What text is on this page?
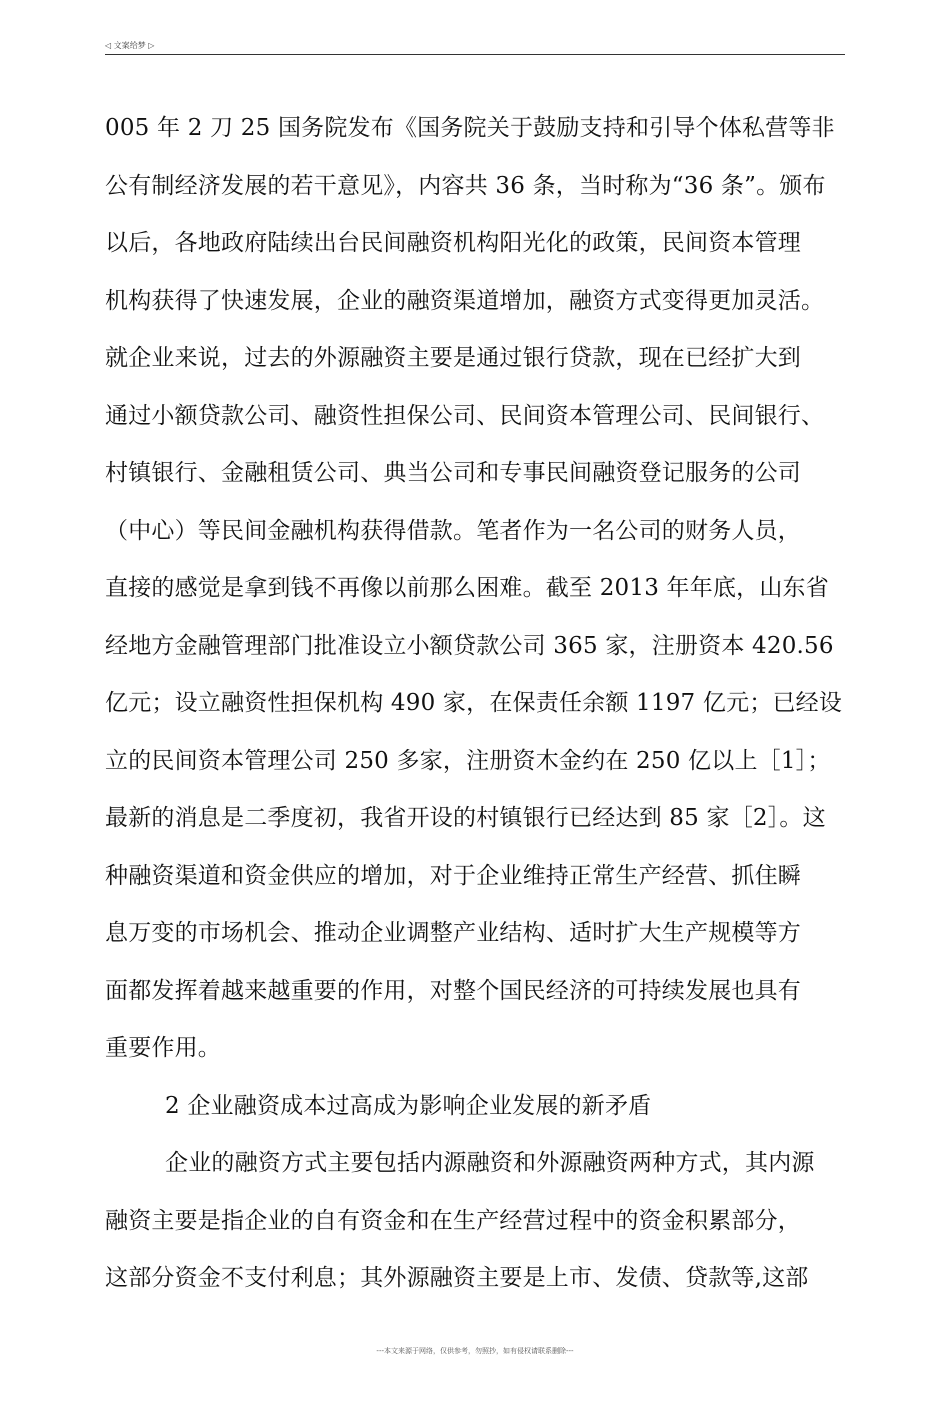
◁ 文案给梦 ▷
005 年 2 刀 25 国务院发布《国务院关于鼓励支持和引导个体私营等非
公有制经济发展的若干意见》，内容共 36 条，当时称为“36 条”。颁布
以后，各地政府陆续出台民间融资机构阳光化的政策，民间资本管理
机构获得了快速发展，企业的融资渠道增加，融资方式变得更加灵活。
就企业来说，过去的外源融资主要是通过银行贷款，现在已经扩大到
通过小额贷款公司、融资性担保公司、民间资本管理公司、民间银行、
村镇银行、金融租赁公司、典当公司和专事民间融资登记服务的公司
（中心）等民间金融机构获得借款。笔者作为一名公司的财务人员，
直接的感觉是拿到钱不再像以前那么困难。截至 2013 年年底，山东省
经地方金融管理部门批准设立小额贷款公司 365 家，注册资本 420.56
亿元；设立融资性担保机构 490 家，在保责任余额 1197 亿元；已经设
立的民间资本管理公司 250 多家，注册资木金约在 250 亿以上［1］；
最新的消息是二季度初，我省开设的村镇银行已经达到 85 家［2］。这
种融资渠道和资金供应的增加，对于企业维持正常生产经营、抓住瞬
息万变的市场机会、推动企业调整产业结构、适时扩大生产规模等方
面都发挥着越来越重要的作用，对整个国民经济的可持续发展也具有
重要作用。
2 企业融资成本过高成为影响企业发展的新矛盾
企业的融资方式主要包括内源融资和外源融资两种方式，其内源
融资主要是指企业的自有资金和在生产经营过程中的资金积累部分，
这部分资金不支付利息；其外源融资主要是上市、发债、贷款等,这部
---本文来源于网络，仅供参考，勿照抄，如有侵权请联系删除---
